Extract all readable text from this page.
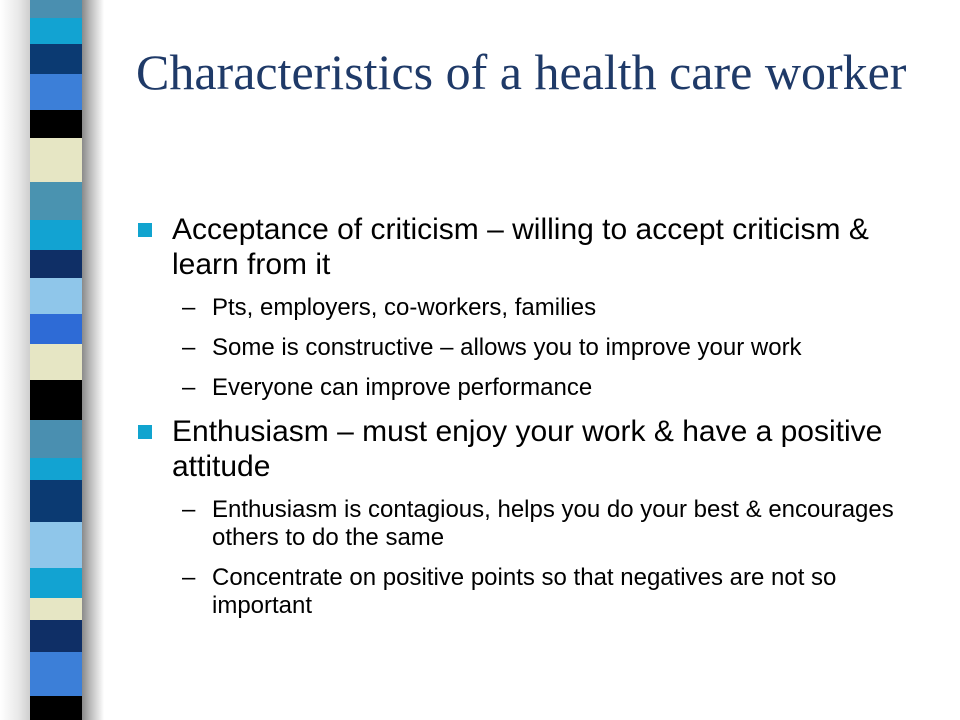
Characteristics of a health care worker
Acceptance of criticism – willing to accept criticism & learn from it
– Pts, employers, co-workers, families
– Some is constructive – allows you to improve your work
– Everyone can improve performance
Enthusiasm – must enjoy your work & have a positive attitude
– Enthusiasm is contagious, helps you do your best & encourages others to do the same
– Concentrate on positive points so that negatives are not so important
